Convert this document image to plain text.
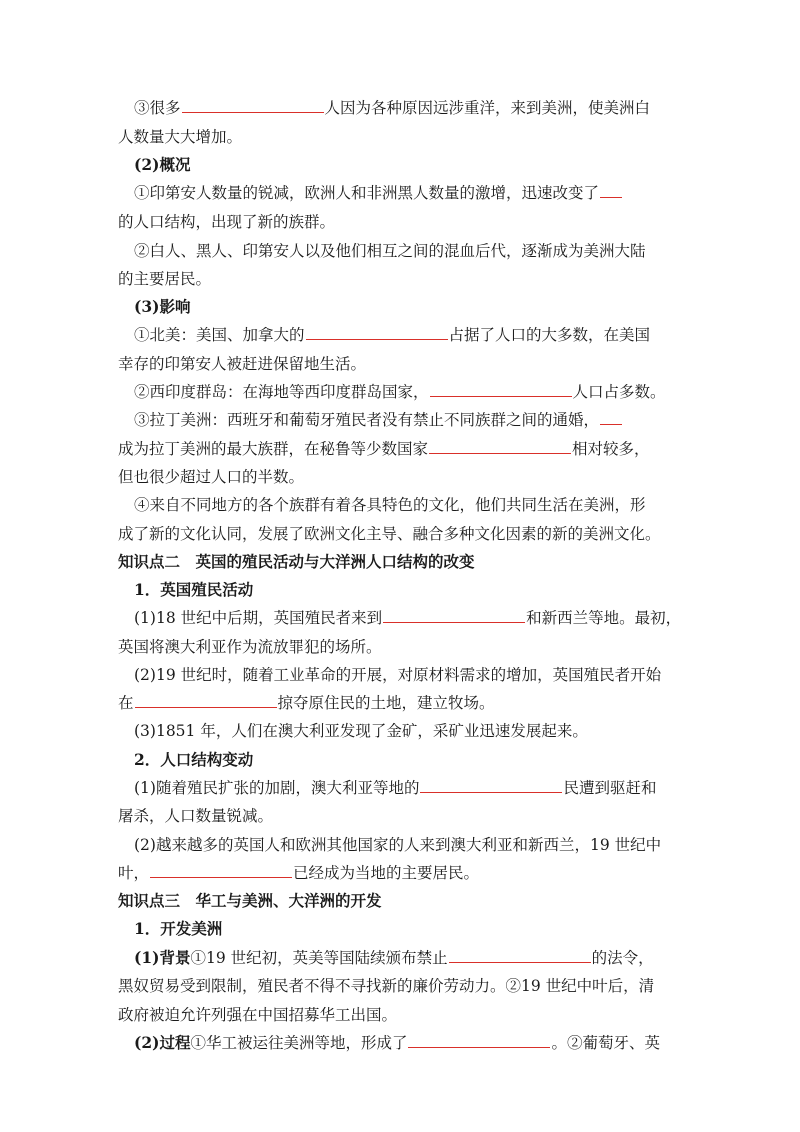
③很多	人因为各种原因远涉重洋，来到美洲，使美洲白
人数量大大增加。
(2)概况
①印第安人数量的锐减，欧洲人和非洲黑人数量的激增，迅速改变了
的人口结构，出现了新的族群。
②白人、黑人、印第安人以及他们相互之间的混血后代，逐渐成为美洲大陆
的主要居民。
(3)影响
①北美：美国、加拿大的	占据了人口的大多数，在美国
幸存的印第安人被赶进保留地生活。
②西印度群岛：在海地等西印度群岛国家，	人口占多数。
③拉丁美洲：西班牙和葡萄牙殖民者没有禁止不同族群之间的通婚，
成为拉丁美洲的最大族群，在秘鲁等少数国家	相对较多，
但也很少超过人口的半数。
④来自不同地方的各个族群有着各具特色的文化，他们共同生活在美洲，形
成了新的文化认同，发展了欧洲文化主导、融合多种文化因素的新的美洲文化。
知识点二　英国的殖民活动与大洋洲人口结构的改变
1．英国殖民活动
(1)18 世纪中后期，英国殖民者来到	和新西兰等地。最初，
英国将澳大利亚作为流放罪犯的场所。
(2)19 世纪时，随着工业革命的开展，对原材料需求的增加，英国殖民者开始
在	掠夺原住民的土地，建立牧场。
(3)1851 年，人们在澳大利亚发现了金矿，采矿业迅速发展起来。
2．人口结构变动
(1)随着殖民扩张的加剧，澳大利亚等地的	民遭到驱赶和
屠杀，人口数量锐减。
(2)越来越多的英国人和欧洲其他国家的人来到澳大利亚和新西兰，19 世纪中
叶，	已经成为当地的主要居民。
知识点三　华工与美洲、大洋洲的开发
1．开发美洲
(1)背景①19 世纪初，英美等国陆续颁布禁止	的法令，
黑奴贸易受到限制，殖民者不得不寻找新的廉价劳动力。②19 世纪中叶后，清
政府被迫允许列强在中国招募华工出国。
(2)过程①华工被运往美洲等地，形成了	。②葡萄牙、英
